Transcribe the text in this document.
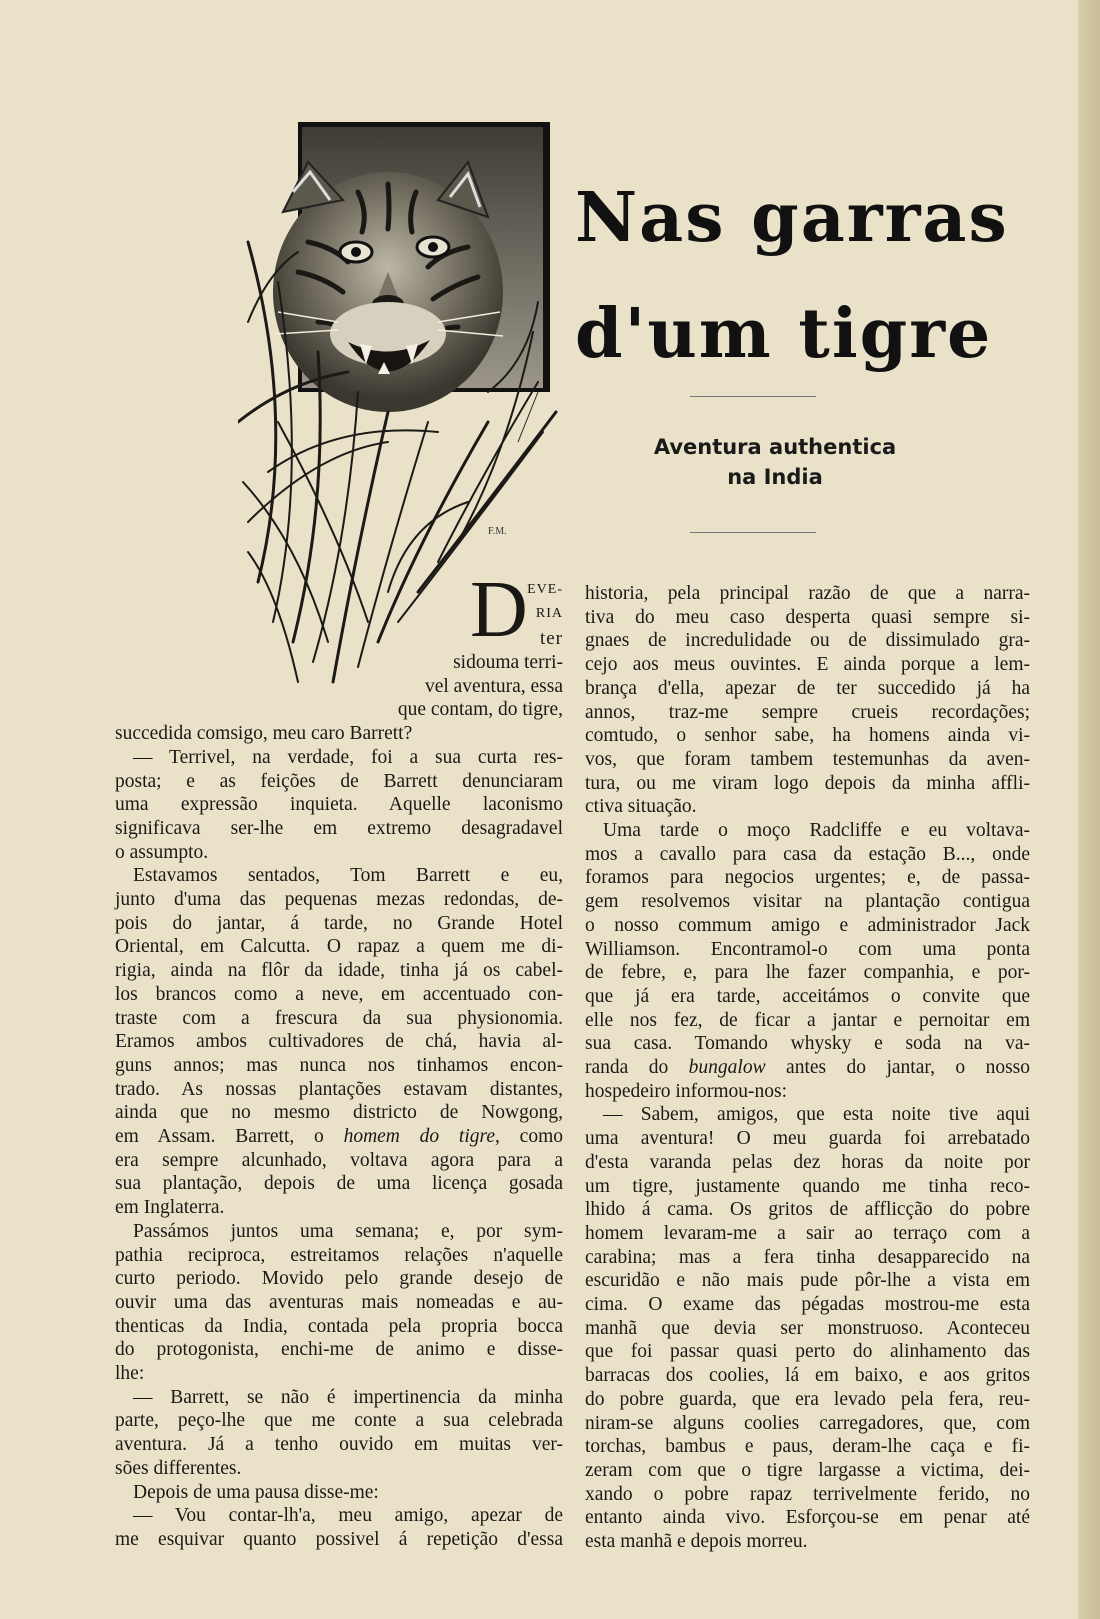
F.M.
Nas garras
d'um tigre
Aventura authentica
na India
D EVE-
RIA
ter
sidouma terri-
vel aventura, essa
que contam, do tigre,
succedida comsigo, meu caro Barrett?
— Terrivel, na verdade, foi a sua curta res-
posta; e as feições de Barrett denunciaram
uma expressão inquieta. Aquelle laconismo
significava ser-lhe em extremo desagradavel
o assumpto.
Estavamos sentados, Tom Barrett e eu,
junto d'uma das pequenas mezas redondas, de-
pois do jantar, á tarde, no Grande Hotel
Oriental, em Calcutta. O rapaz a quem me di-
rigia, ainda na flôr da idade, tinha já os cabel-
los brancos como a neve, em accentuado con-
traste com a frescura da sua physionomia.
Eramos ambos cultivadores de chá, havia al-
guns annos; mas nunca nos tinhamos encon-
trado. As nossas plantações estavam distantes,
ainda que no mesmo districto de Nowgong,
em Assam. Barrett, o homem do tigre, como
era sempre alcunhado, voltava agora para a
sua plantação, depois de uma licença gosada
em Inglaterra.
Passámos juntos uma semana; e, por sym-
pathia reciproca, estreitamos relações n'aquelle
curto periodo. Movido pelo grande desejo de
ouvir uma das aventuras mais nomeadas e au-
thenticas da India, contada pela propria bocca
do protogonista, enchi-me de animo e disse-
lhe:
— Barrett, se não é impertinencia da minha
parte, peço-lhe que me conte a sua celebrada
aventura. Já a tenho ouvido em muitas ver-
sões differentes.
Depois de uma pausa disse-me:
— Vou contar-lh'a, meu amigo, apezar de
me esquivar quanto possivel á repetição d'essa
historia, pela principal razão de que a narra-
tiva do meu caso desperta quasi sempre si-
gnaes de incredulidade ou de dissimulado gra-
cejo aos meus ouvintes. E ainda porque a lem-
brança d'ella, apezar de ter succedido já ha
annos, traz-me sempre crueis recordações;
comtudo, o senhor sabe, ha homens ainda vi-
vos, que foram tambem testemunhas da aven-
tura, ou me viram logo depois da minha affli-
ctiva situação.
Uma tarde o moço Radcliffe e eu voltava-
mos a cavallo para casa da estação B..., onde
foramos para negocios urgentes; e, de passa-
gem resolvemos visitar na plantação contigua
o nosso commum amigo e administrador Jack
Williamson. Encontramol-o com uma ponta
de febre, e, para lhe fazer companhia, e por-
que já era tarde, acceitámos o convite que
elle nos fez, de ficar a jantar e pernoitar em
sua casa. Tomando whysky e soda na va-
randa do bungalow antes do jantar, o nosso
hospedeiro informou-nos:
— Sabem, amigos, que esta noite tive aqui
uma aventura! O meu guarda foi arrebatado
d'esta varanda pelas dez horas da noite por
um tigre, justamente quando me tinha reco-
lhido á cama. Os gritos de afflicção do pobre
homem levaram-me a sair ao terraço com a
carabina; mas a fera tinha desapparecido na
escuridão e não mais pude pôr-lhe a vista em
cima. O exame das pégadas mostrou-me esta
manhã que devia ser monstruoso. Aconteceu
que foi passar quasi perto do alinhamento das
barracas dos coolies, lá em baixo, e aos gritos
do pobre guarda, que era levado pela fera, reu-
niram-se alguns coolies carregadores, que, com
torchas, bambus e paus, deram-lhe caça e fi-
zeram com que o tigre largasse a victima, dei-
xando o pobre rapaz terrivelmente ferido, no
entanto ainda vivo. Esforçou-se em penar até
esta manhã e depois morreu.
